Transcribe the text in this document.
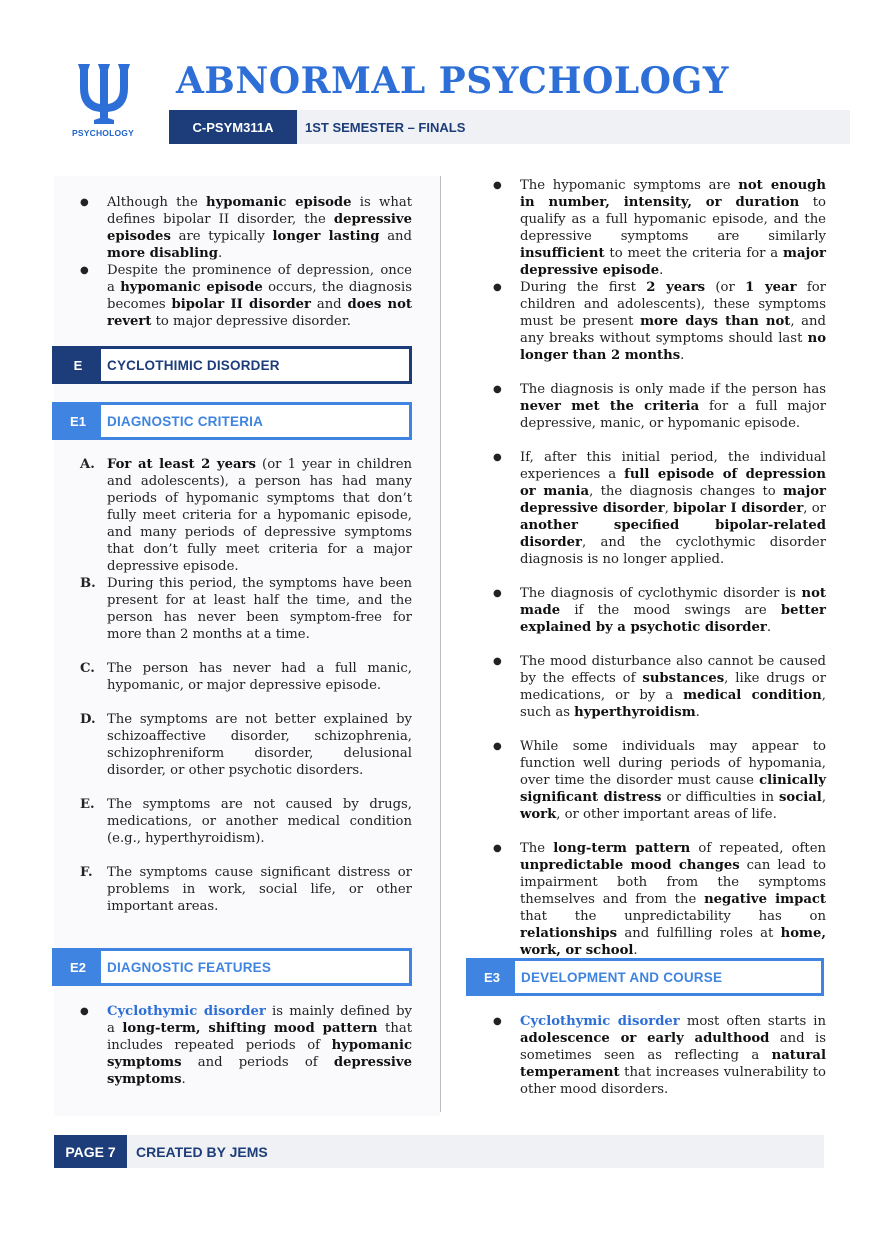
PSYCHOLOGY
ABNORMAL PSYCHOLOGY
C-PSYM311A	1ST SEMESTER – FINALS
● Although the hypomanic episode is what defines bipolar II disorder, the depressive episodes are typically longer lasting and more disabling.
● Despite the prominence of depression, once a hypomanic episode occurs, the diagnosis becomes bipolar II disorder and does not revert to major depressive disorder.
E	CYCLOTHIMIC DISORDER
E1	DIAGNOSTIC CRITERIA
A. For at least 2 years (or 1 year in children and adolescents), a person has had many periods of hypomanic symptoms that don’t fully meet criteria for a hypomanic episode, and many periods of depressive symptoms that don’t fully meet criteria for a major depressive episode.
B. During this period, the symptoms have been present for at least half the time, and the person has never been symptom-free for more than 2 months at a time.
C. The person has never had a full manic, hypomanic, or major depressive episode.
D. The symptoms are not better explained by schizoaffective disorder, schizophrenia, schizophreniform disorder, delusional disorder, or other psychotic disorders.
E. The symptoms are not caused by drugs, medications, or another medical condition (e.g., hyperthyroidism).
F. The symptoms cause significant distress or problems in work, social life, or other important areas.
E2	DIAGNOSTIC FEATURES
● Cyclothymic disorder is mainly defined by a long-term, shifting mood pattern that includes repeated periods of hypomanic symptoms and periods of depressive symptoms.
● The hypomanic symptoms are not enough in number, intensity, or duration to qualify as a full hypomanic episode, and the depressive symptoms are similarly insufficient to meet the criteria for a major depressive episode.
● During the first 2 years (or 1 year for children and adolescents), these symptoms must be present more days than not, and any breaks without symptoms should last no longer than 2 months.
● The diagnosis is only made if the person has never met the criteria for a full major depressive, manic, or hypomanic episode.
● If, after this initial period, the individual experiences a full episode of depression or mania, the diagnosis changes to major depressive disorder, bipolar I disorder, or another specified bipolar-related disorder, and the cyclothymic disorder diagnosis is no longer applied.
● The diagnosis of cyclothymic disorder is not made if the mood swings are better explained by a psychotic disorder.
● The mood disturbance also cannot be caused by the effects of substances, like drugs or medications, or by a medical condition, such as hyperthyroidism.
● While some individuals may appear to function well during periods of hypomania, over time the disorder must cause clinically significant distress or difficulties in social, work, or other important areas of life.
● The long-term pattern of repeated, often unpredictable mood changes can lead to impairment both from the symptoms themselves and from the negative impact that the unpredictability has on relationships and fulfilling roles at home, work, or school.
E3	DEVELOPMENT AND COURSE
● Cyclothymic disorder most often starts in adolescence or early adulthood and is sometimes seen as reflecting a natural temperament that increases vulnerability to other mood disorders.
PAGE 7	CREATED BY JEMS
